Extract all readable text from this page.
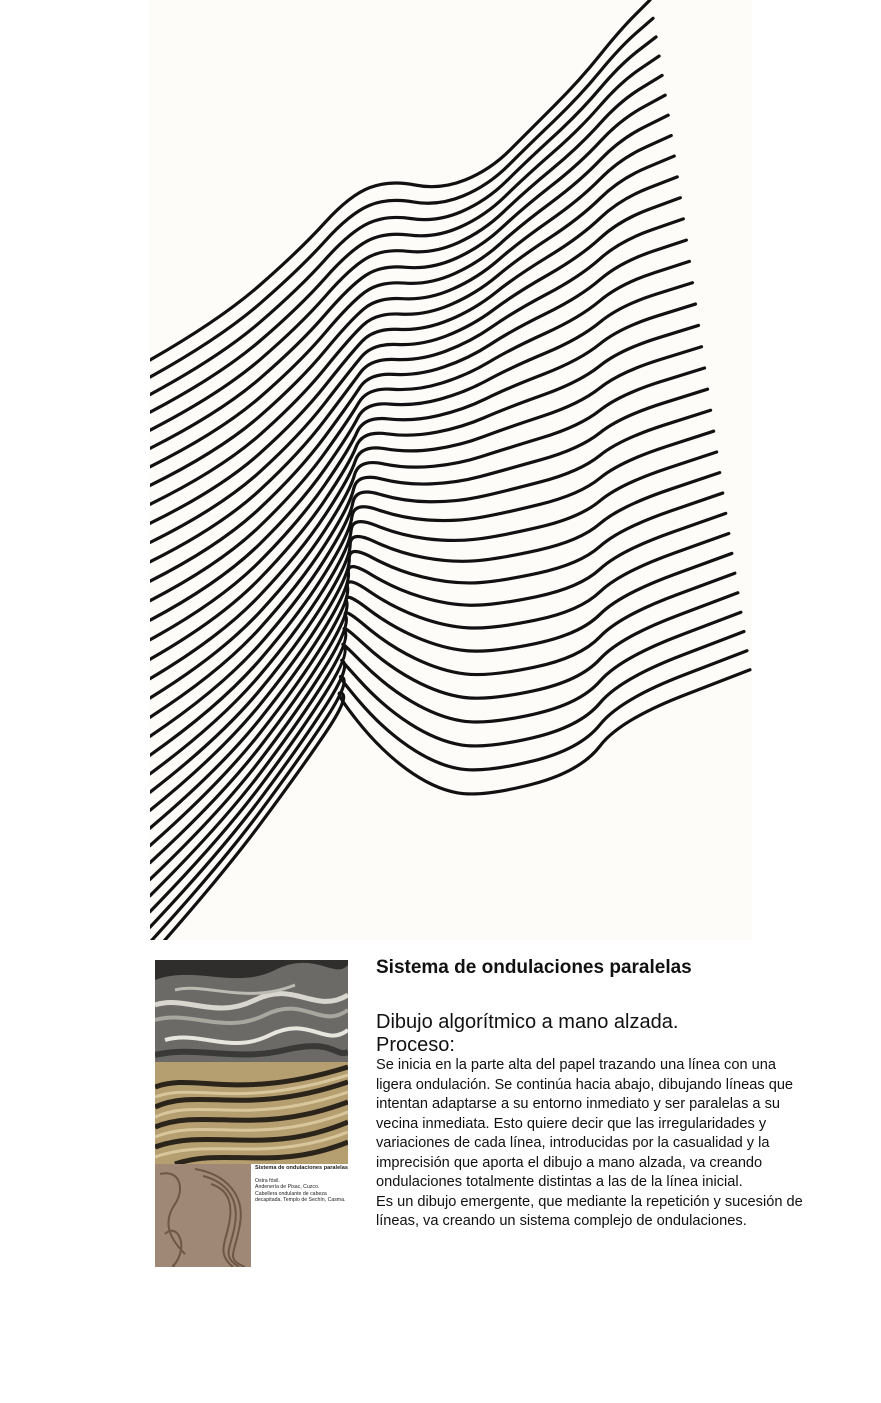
Sistema de ondulaciones paralelas
Ostra fósil.
Andenería de Pisac, Cuzco.
Cabellera ondulante de cabeza
decapitada. Templo de Sechín, Casma.
Sistema de ondulaciones paralelas
Dibujo algorítmico a mano alzada.
Proceso:

Se inicia en la parte alta del papel trazando una línea con una
ligera ondulación. Se continúa hacia abajo, dibujando líneas que
intentan adaptarse a su entorno inmediato y ser paralelas a su
vecina inmediata. Esto quiere decir que las irregularidades y
variaciones de cada línea, introducidas por la casualidad y la
imprecisión que aporta el dibujo a mano alzada, va creando
ondulaciones totalmente distintas a las de la línea inicial.

Es un dibujo emergente, que mediante la repetición y sucesión de
líneas, va creando un sistema complejo de ondulaciones.
